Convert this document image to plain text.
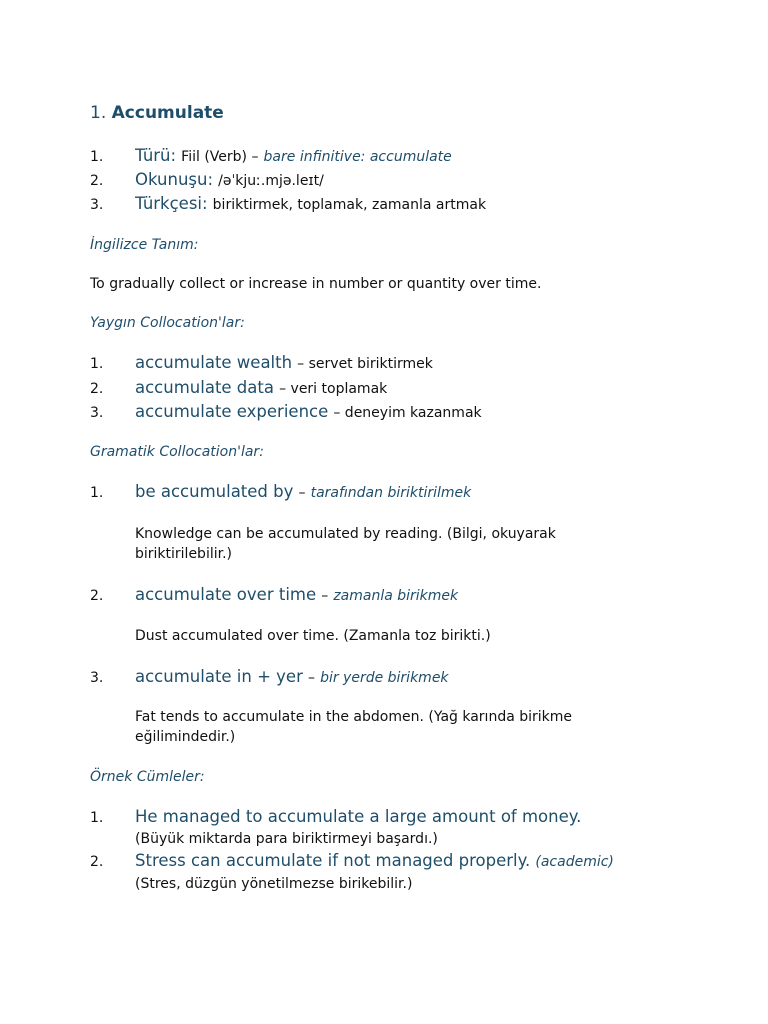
1. Accumulate
1. Türü: Fiil (Verb) – bare infinitive: accumulate
2. Okunuşu: /əˈkjuː.mjə.leɪt/
3. Türkçesi: biriktirmek, toplamak, zamanla artmak
İngilizce Tanım:
To gradually collect or increase in number or quantity over time.
Yaygın Collocation'lar:
1. accumulate wealth – servet biriktirmek
2. accumulate data – veri toplamak
3. accumulate experience – deneyim kazanmak
Gramatik Collocation'lar:
1. be accumulated by – tarafından biriktirilmek
Knowledge can be accumulated by reading. (Bilgi, okuyarak biriktirilebilir.)
2. accumulate over time – zamanla birikmek
Dust accumulated over time. (Zamanla toz birikti.)
3. accumulate in + yer – bir yerde birikmek
Fat tends to accumulate in the abdomen. (Yağ karında birikme eğilimindedir.)
Örnek Cümleler:
1. He managed to accumulate a large amount of money.
(Büyük miktarda para biriktirmeyi başardı.)
2. Stress can accumulate if not managed properly. (academic)
(Stres, düzgün yönetilmezse birikebilir.)
